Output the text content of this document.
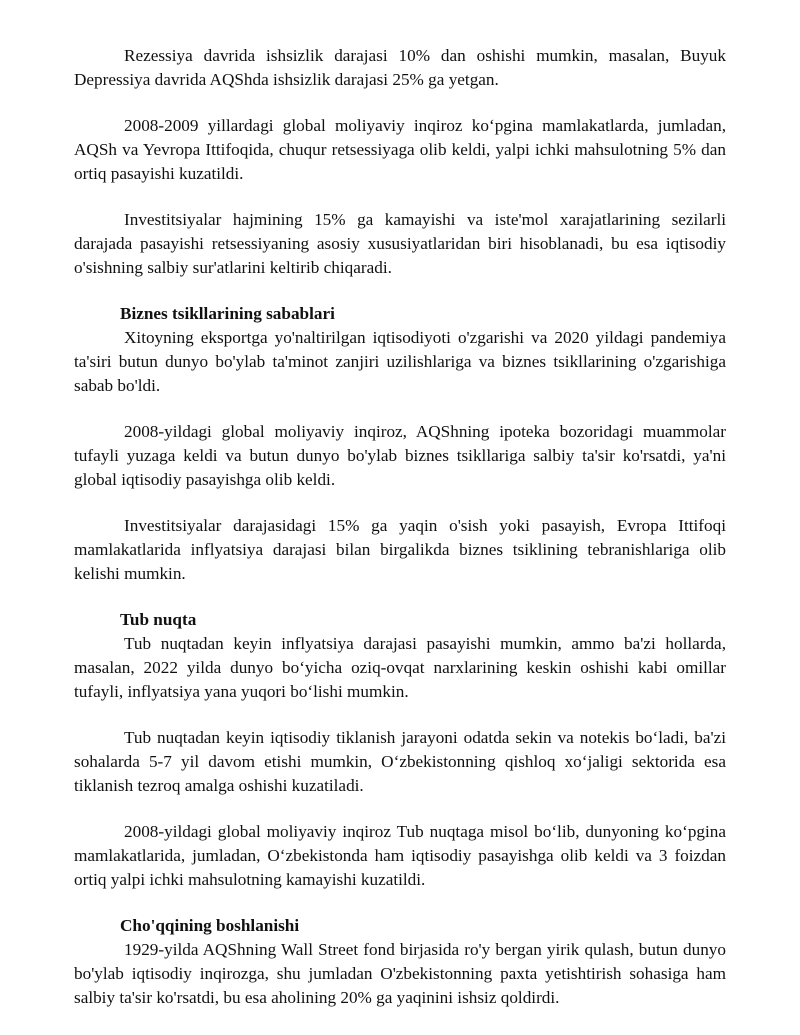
Rezessiya davrida ishsizlik darajasi 10% dan oshishi mumkin, masalan, Buyuk Depressiya davrida AQShda ishsizlik darajasi 25% ga yetgan.

2008-2009 yillardagi global moliyaviy inqiroz ko‘pgina mamlakatlarda, jumladan, AQSh va Yevropa Ittifoqida, chuqur retsessiyaga olib keldi, yalpi ichki mahsulotning 5% dan ortiq pasayishi kuzatildi.

Investitsiyalar hajmining 15% ga kamayishi va iste'mol xarajatlarining sezilarli darajada pasayishi retsessiyaning asosiy xususiyatlaridan biri hisoblanadi, bu esa iqtisodiy o'sishning salbiy sur'atlarini keltirib chiqaradi.

Biznes tsikllarining sabablari

Xitoyning eksportga yo'naltirilgan iqtisodiyoti o'zgarishi va 2020 yildagi pandemiya ta'siri butun dunyo bo'ylab ta'minot zanjiri uzilishlariga va biznes tsikllarining o'zgarishiga sabab bo'ldi.

2008-yildagi global moliyaviy inqiroz, AQShning ipoteka bozoridagi muammolar tufayli yuzaga keldi va butun dunyo bo'ylab biznes tsikllariga salbiy ta'sir ko'rsatdi, ya'ni global iqtisodiy pasayishga olib keldi.

Investitsiyalar darajasidagi 15% ga yaqin o'sish yoki pasayish, Evropa Ittifoqi mamlakatlarida inflyatsiya darajasi bilan birgalikda biznes tsiklining tebranishlariga olib kelishi mumkin.

Tub nuqta

Tub nuqtadan keyin inflyatsiya darajasi pasayishi mumkin, ammo ba'zi hollarda, masalan, 2022 yilda dunyo bo‘yicha oziq-ovqat narxlarining keskin oshishi kabi omillar tufayli, inflyatsiya yana yuqori bo‘lishi mumkin.

Tub nuqtadan keyin iqtisodiy tiklanish jarayoni odatda sekin va notekis bo‘ladi, ba'zi sohalarda 5-7 yil davom etishi mumkin, O‘zbekistonning qishloq xo‘jaligi sektorida esa tiklanish tezroq amalga oshishi kuzatiladi.

2008-yildagi global moliyaviy inqiroz Tub nuqtaga misol bo‘lib, dunyoning ko‘pgina mamlakatlarida, jumladan, O‘zbekistonda ham iqtisodiy pasayishga olib keldi va 3 foizdan ortiq yalpi ichki mahsulotning kamayishi kuzatildi.

Cho'qqining boshlanishi

1929-yilda AQShning Wall Street fond birjasida ro'y bergan yirik qulash, butun dunyo bo'ylab iqtisodiy inqirozga, shu jumladan O'zbekistonning paxta yetishtirish sohasiga ham salbiy ta'sir ko'rsatdi, bu esa aholining 20% ga yaqinini ishsiz qoldirdi.
